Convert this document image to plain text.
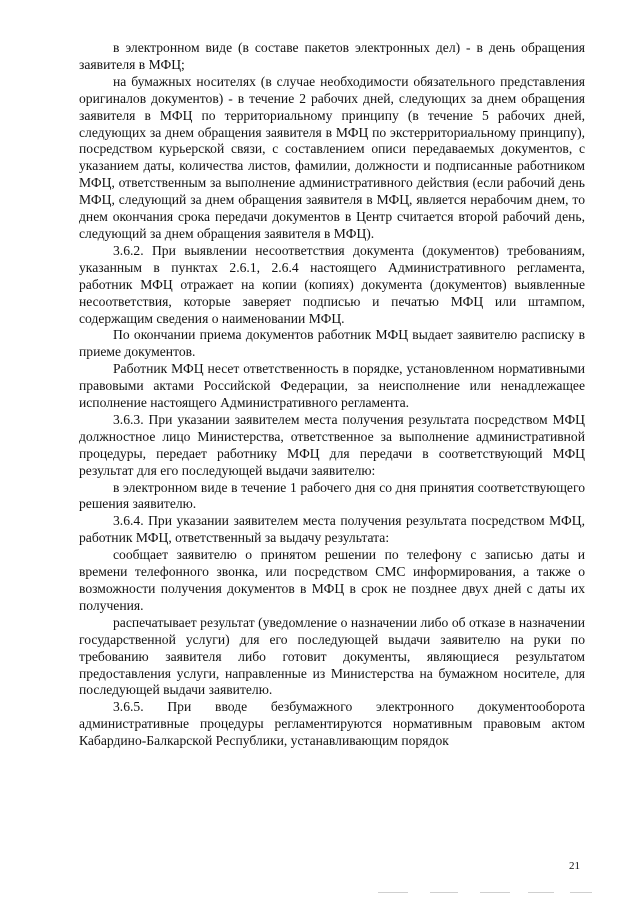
в электронном виде (в составе пакетов электронных дел) - в день обращения заявителя в МФЦ;

на бумажных носителях (в случае необходимости обязательного представления оригиналов документов) - в течение 2 рабочих дней, следующих за днем обращения заявителя в МФЦ по территориальному принципу (в течение 5 рабочих дней, следующих за днем обращения заявителя в МФЦ по экстерриториальному принципу), посредством курьерской связи, с составлением описи передаваемых документов, с указанием даты, количества листов, фамилии, должности и подписанные работником МФЦ, ответственным за выполнение административного действия (если рабочий день МФЦ, следующий за днем обращения заявителя в МФЦ, является нерабочим днем, то днем окончания срока передачи документов в Центр считается второй рабочий день, следующий за днем обращения заявителя в МФЦ).

3.6.2. При выявлении несоответствия документа (документов) требованиям, указанным в пунктах 2.6.1, 2.6.4 настоящего Административного регламента, работник МФЦ отражает на копии (копиях) документа (документов) выявленные несоответствия, которые заверяет подписью и печатью МФЦ или штампом, содержащим сведения о наименовании МФЦ.

По окончании приема документов работник МФЦ выдает заявителю расписку в приеме документов.

Работник МФЦ несет ответственность в порядке, установленном нормативными правовыми актами Российской Федерации, за неисполнение или ненадлежащее исполнение настоящего Административного регламента.

3.6.3. При указании заявителем места получения результата посредством МФЦ должностное лицо Министерства, ответственное за выполнение административной процедуры, передает работнику МФЦ для передачи в соответствующий МФЦ результат для его последующей выдачи заявителю:

в электронном виде в течение 1 рабочего дня со дня принятия соответствующего решения заявителю.

3.6.4. При указании заявителем места получения результата посредством МФЦ, работник МФЦ, ответственный за выдачу результата:

сообщает заявителю о принятом решении по телефону с записью даты и времени телефонного звонка, или посредством СМС информирования, а также о возможности получения документов в МФЦ в срок не позднее двух дней с даты их получения.

распечатывает результат (уведомление о назначении либо об отказе в назначении государственной услуги) для его последующей выдачи заявителю на руки по требованию заявителя либо готовит документы, являющиеся результатом предоставления услуги, направленные из Министерства на бумажном носителе, для последующей выдачи заявителю.

3.6.5. При вводе безбумажного электронного документооборота административные процедуры регламентируются нормативным правовым актом Кабардино-Балкарской Республики, устанавливающим порядок

21
